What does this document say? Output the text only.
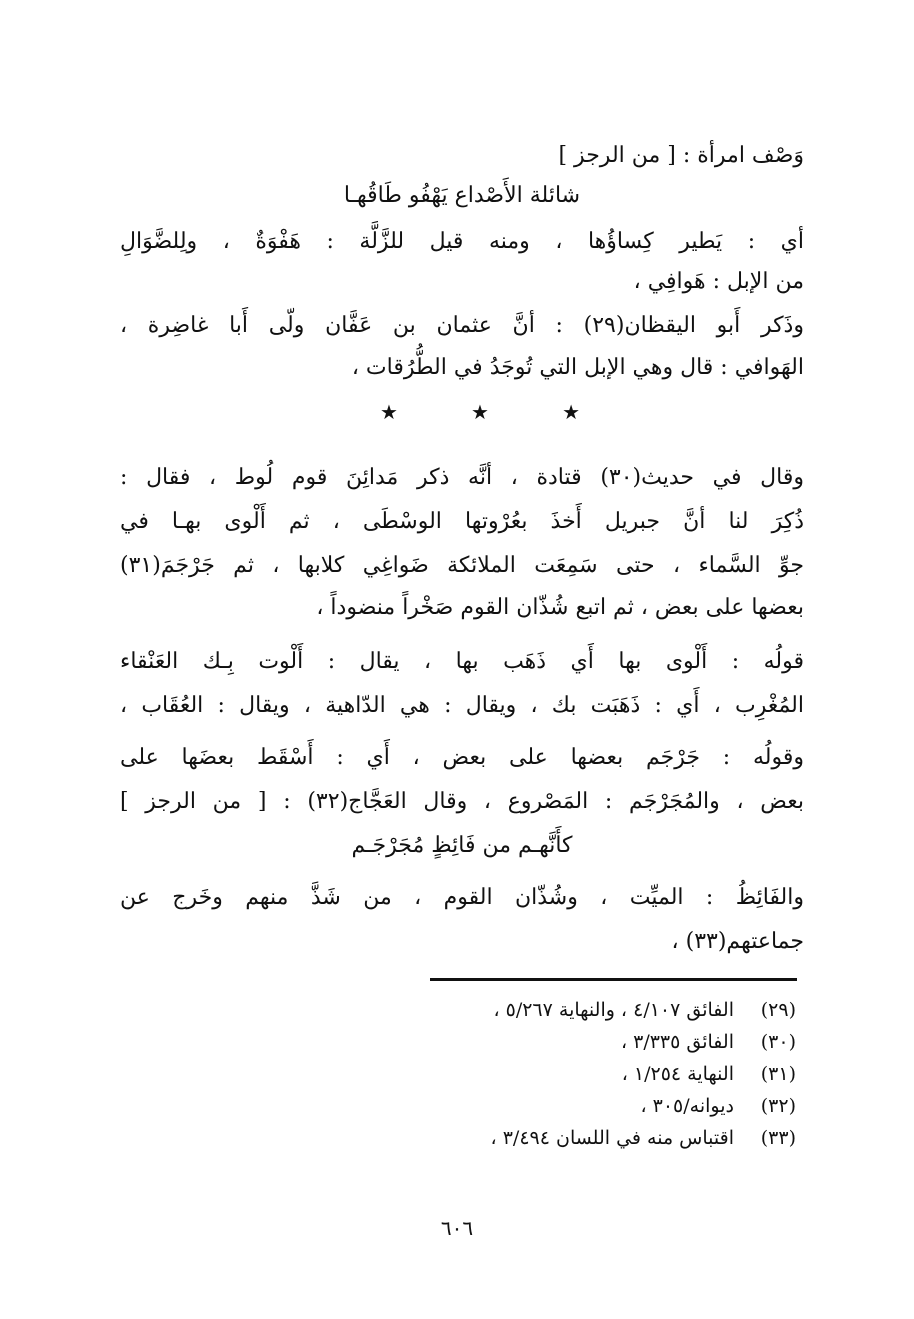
وَصْف امرأة : [ من الرجز ]
شائلة الأَصْداع يَهْفُو طَاقُهـا
أي : يَطير كِساؤُها ، ومنه قيل للزَّلَّة : هَفْوَةٌ ، ولِلضَّوَالِ
من الإبل : هَوافِي ،
وذَكر أَبو اليقظان(٢٩) : أنَّ عثمان بن عَفَّان ولّى أَبا غاضِرة ،
الهَوافي : قال وهي الإبل التي تُوجَدُ في الطُّرُقات ،
★	★	★
وقال في حديث(٣٠) قتادة ، أنَّه ذكر مَدائِنَ قوم لُوط ، فقال :
ذُكِرَ لنا أنَّ جبريل أَخذَ بعُرْوتها الوسْطَى ، ثم أَلْوى بهـا في
جوِّ السَّماء ، حتى سَمِعَت الملائكة ضَواغِي كلابها ، ثم جَرْجَمَ(٣١)
بعضها على بعض ، ثم اتبع شُذّان القوم صَخْراً منضوداً ،
قولُه : أَلْوى بها أَي ذَهَب بها ، يقال : أَلْوت بِـك العَنْقاء
المُغْرِب ، أَي : ذَهَبَت بك ، ويقال : هي الدّاهية ، ويقال : العُقَاب ،
وقولُه : جَرْجَم بعضها على بعض ، أَي : أَسْقَط بعضَها على
بعض ، والمُجَرْجَم : المَصْروع ، وقال العَجَّاج(٣٢) : [ من الرجز ]
كأَنَّهـم من فَائِظٍ مُجَرْجَـم
والفَائِظُ : الميِّت ، وشُذّان القوم ، من شَذَّ منهم وخَرج عن
جماعتهم(٣٣) ،
(٢٩)
الفائق ٤/١٠٧ ، والنهاية ٥/٢٦٧ ،
(٣٠)
الفائق ٣/٣٣٥ ،
(٣١)
النهاية ١/٢٥٤ ،
(٣٢)
ديوانه/٣٠٥ ،
(٣٣)
اقتباس منه في اللسان ٣/٤٩٤ ،
٦٠٦
